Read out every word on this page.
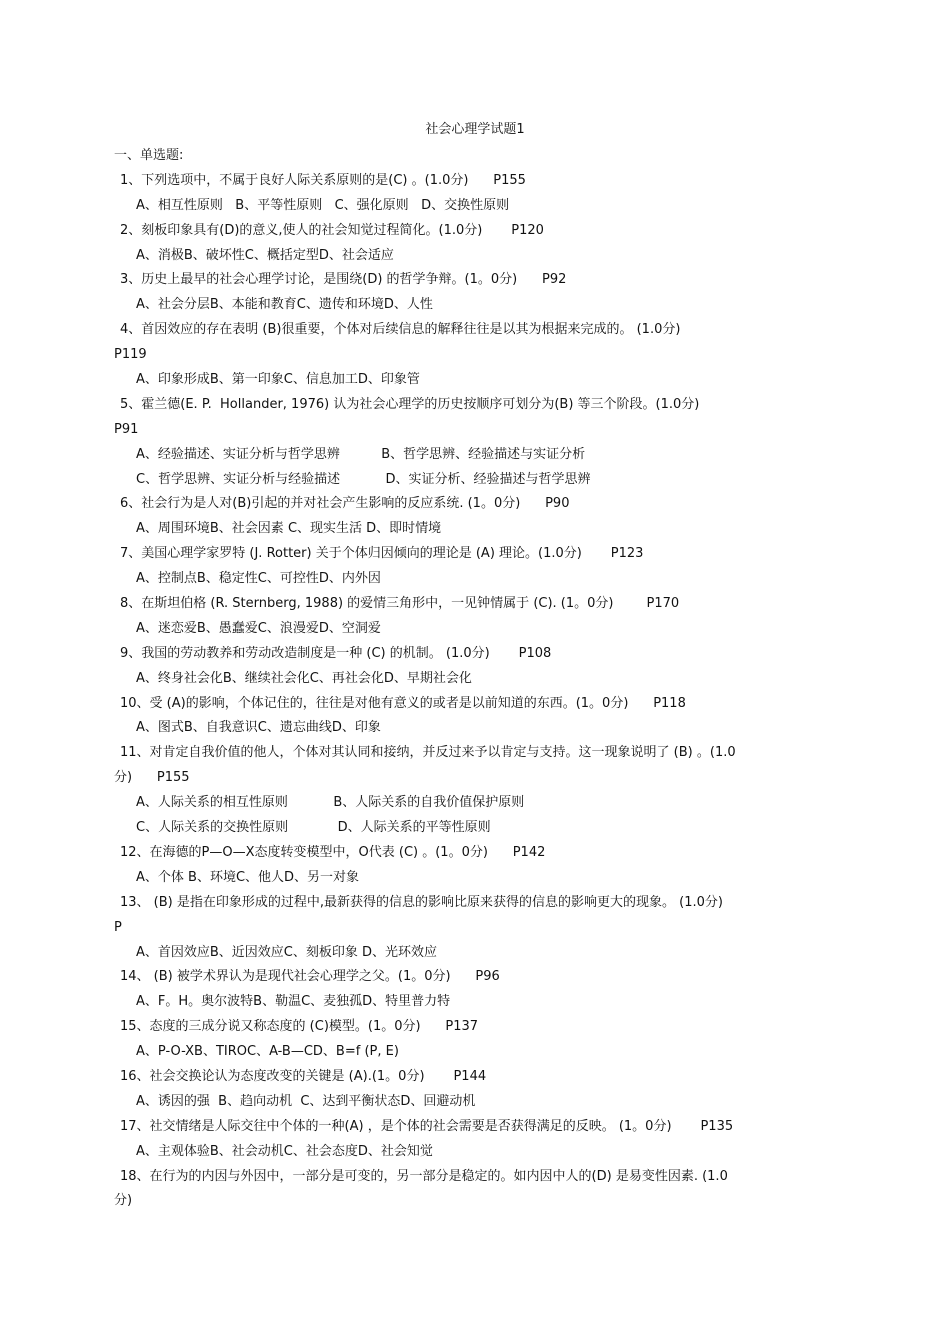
社会心理学试题1
一、单选题:
1、下列选项中，不属于良好人际关系原则的是(C) 。(1.0分)      P155
A、相互性原则   B、平等性原则   C、强化原则   D、交换性原则
2、刻板印象具有(D)的意义,使人的社会知觉过程简化。(1.0分)       P120
A、消极B、破坏性C、概括定型D、社会适应
3、历史上最早的社会心理学讨论，是围绕(D) 的哲学争辩。(1。0分)      P92
A、社会分层B、本能和教育C、遗传和环境D、人性
4、首因效应的存在表明 (B)很重要，个体对后续信息的解释往往是以其为根据来完成的。 (1.0分)
P119
A、印象形成B、第一印象C、信息加工D、印象管
5、霍兰德(E. P.  Hollander, 1976) 认为社会心理学的历史按顺序可划分为(B) 等三个阶段。(1.0分)
P91
A、经验描述、实证分析与哲学思辨          B、哲学思辨、经验描述与实证分析
C、哲学思辨、实证分析与经验描述           D、实证分析、经验描述与哲学思辨
6、社会行为是人对(B)引起的并对社会产生影响的反应系统. (1。0分)      P90
A、周围环境B、社会因素 C、现实生活 D、即时情境
7、美国心理学家罗特 (J. Rotter) 关于个体归因倾向的理论是 (A) 理论。(1.0分)       P123
A、控制点B、稳定性C、可控性D、内外因
8、在斯坦伯格 (R. Sternberg, 1988) 的爱情三角形中，一见钟情属于 (C). (1。0分)        P170
A、迷恋爱B、愚蠢爱C、浪漫爱D、空洞爱
9、我国的劳动教养和劳动改造制度是一种 (C) 的机制。 (1.0分)       P108
A、终身社会化B、继续社会化C、再社会化D、早期社会化
10、受 (A)的影响，个体记住的，往往是对他有意义的或者是以前知道的东西。(1。0分)      P118
A、图式B、自我意识C、遗忘曲线D、印象
11、对肯定自我价值的他人，个体对其认同和接纳，并反过来予以肯定与支持。这一现象说明了 (B) 。(1.0
分)      P155
A、人际关系的相互性原则           B、人际关系的自我价值保护原则
C、人际关系的交换性原则            D、人际关系的平等性原则
12、在海德的P—O—X态度转变模型中，O代表 (C) 。(1。0分)      P142
A、个体 B、环境C、他人D、另一对象
13、 (B) 是指在印象形成的过程中,最新获得的信息的影响比原来获得的信息的影响更大的现象。 (1.0分)
P
A、首因效应B、近因效应C、刻板印象 D、光环效应
14、 (B) 被学术界认为是现代社会心理学之父。(1。0分)      P96
A、F。H。奥尔波特B、勒温C、麦独孤D、特里普力特
15、态度的三成分说又称态度的 (C)模型。(1。0分)      P137
A、P-O-XB、TIROC、A-B—CD、B=f (P, E)
16、社会交换论认为态度改变的关键是 (A).(1。0分)       P144
A、诱因的强  B、趋向动机  C、达到平衡状态D、回避动机
17、社交情绪是人际交往中个体的一种(A) ，是个体的社会需要是否获得满足的反映。 (1。0分)       P135
A、主观体验B、社会动机C、社会态度D、社会知觉
18、在行为的内因与外因中，一部分是可变的，另一部分是稳定的。如内因中人的(D) 是易变性因素. (1.0
分)
